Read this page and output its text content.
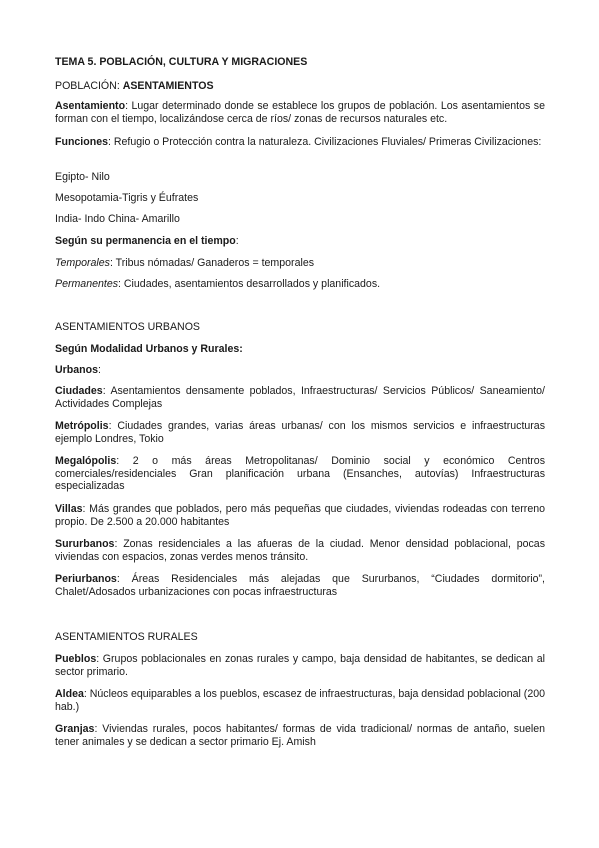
TEMA 5. POBLACIÓN, CULTURA Y MIGRACIONES

POBLACIÓN: ASENTAMIENTOS

Asentamiento: Lugar determinado donde se establece los grupos de población. Los asentamientos se forman con el tiempo, localizándose cerca de ríos/ zonas de recursos naturales etc.

Funciones: Refugio o Protección contra la naturaleza. Civilizaciones Fluviales/ Primeras Civilizaciones:

Egipto- Nilo

Mesopotamia-Tigris y Éufrates

India- Indo China- Amarillo

Según su permanencia en el tiempo:

Temporales: Tribus nómadas/ Ganaderos = temporales

Permanentes: Ciudades, asentamientos desarrollados y planificados.

ASENTAMIENTOS URBANOS

Según Modalidad Urbanos y Rurales:

Urbanos:

Ciudades: Asentamientos densamente poblados, Infraestructuras/ Servicios Públicos/ Saneamiento/ Actividades Complejas

Metrópolis: Ciudades grandes, varias áreas urbanas/ con los mismos servicios e infraestructuras ejemplo Londres, Tokio

Megalópolis: 2 o más áreas Metropolitanas/ Dominio social y económico Centros comerciales/residenciales Gran planificación urbana (Ensanches, autovías) Infraestructuras especializadas

Villas: Más grandes que poblados, pero más pequeñas que ciudades, viviendas rodeadas con terreno propio. De 2.500 a 20.000 habitantes

Sururbanos: Zonas residenciales a las afueras de la ciudad. Menor densidad poblacional, pocas viviendas con espacios, zonas verdes menos tránsito.

Periurbanos: Áreas Residenciales más alejadas que Sururbanos, “Ciudades dormitorio”, Chalet/Adosados urbanizaciones con pocas infraestructuras

ASENTAMIENTOS RURALES

Pueblos: Grupos poblacionales en zonas rurales y campo, baja densidad de habitantes, se dedican al sector primario.

Aldea: Núcleos equiparables a los pueblos, escasez de infraestructuras, baja densidad poblacional (200 hab.)

Granjas: Viviendas rurales, pocos habitantes/ formas de vida tradicional/ normas de antaño, suelen tener animales y se dedican a sector primario Ej. Amish
